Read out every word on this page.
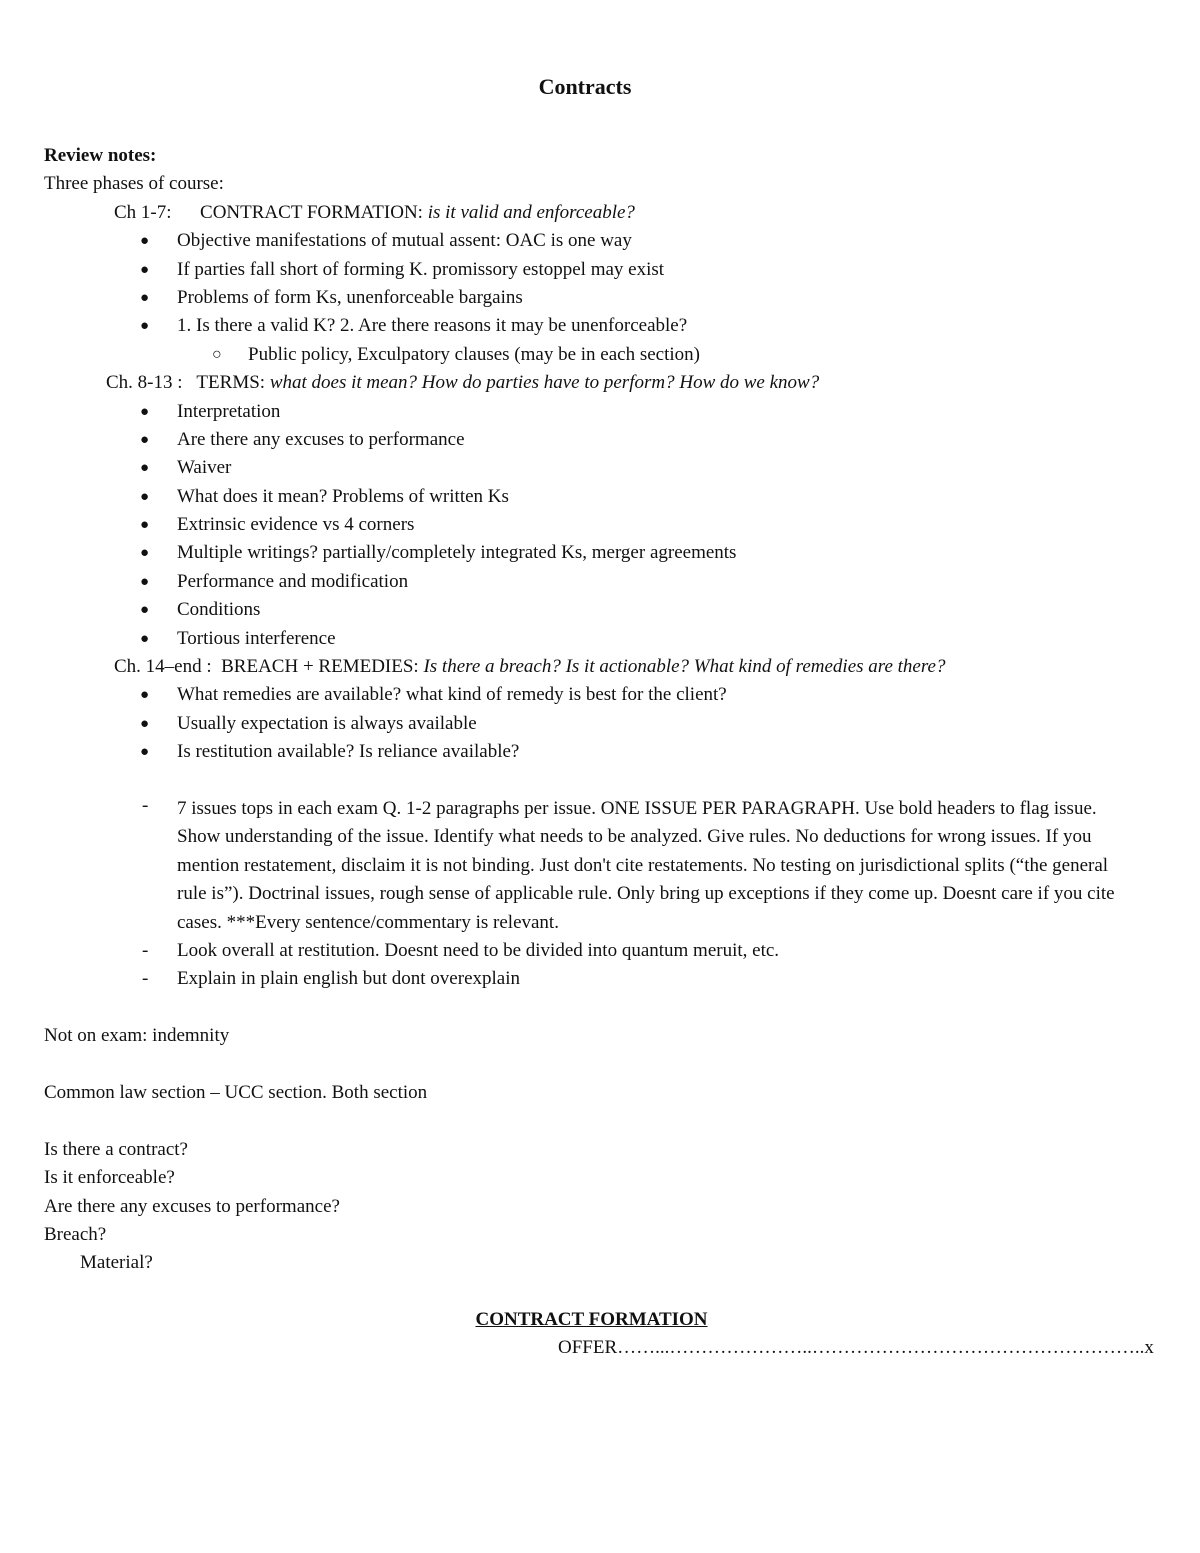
Contracts
Review notes:
Three phases of course:
Ch 1-7:      CONTRACT FORMATION: is it valid and enforceable?
● Objective manifestations of mutual assent: OAC is one way
● If parties fall short of forming K. promissory estoppel may exist
● Problems of form Ks, unenforceable bargains
● 1. Is there a valid K? 2. Are there reasons it may be unenforceable?
○ Public policy, Exculpatory clauses (may be in each section)
Ch. 8-13 :   TERMS: what does it mean? How do parties have to perform? How do we know?
● Interpretation
● Are there any excuses to performance
● Waiver
● What does it mean? Problems of written Ks
● Extrinsic evidence vs 4 corners
● Multiple writings? partially/completely integrated Ks, merger agreements
● Performance and modification
● Conditions
● Tortious interference
Ch. 14–end :  BREACH + REMEDIES: Is there a breach? Is it actionable? What kind of remedies are there?
● What remedies are available? what kind of remedy is best for the client?
● Usually expectation is always available
● Is restitution available? Is reliance available?
- 7 issues tops in each exam Q. 1-2 paragraphs per issue. ONE ISSUE PER PARAGRAPH. Use bold headers to flag issue. Show understanding of the issue. Identify what needs to be analyzed. Give rules. No deductions for wrong issues. If you mention restatement, disclaim it is not binding. Just don't cite restatements. No testing on jurisdictional splits (“the general rule is”). Doctrinal issues, rough sense of applicable rule. Only bring up exceptions if they come up. Doesnt care if you cite cases. ***Every sentence/commentary is relevant.
- Look overall at restitution. Doesnt need to be divided into quantum meruit, etc.
- Explain in plain english but dont overexplain
Not on exam: indemnity
Common law section – UCC section. Both section
Is there a contract?
Is it enforceable?
Are there any excuses to performance?
Breach?
Material?
CONTRACT FORMATION
OFFER……...…………………..……………………………………………..x
